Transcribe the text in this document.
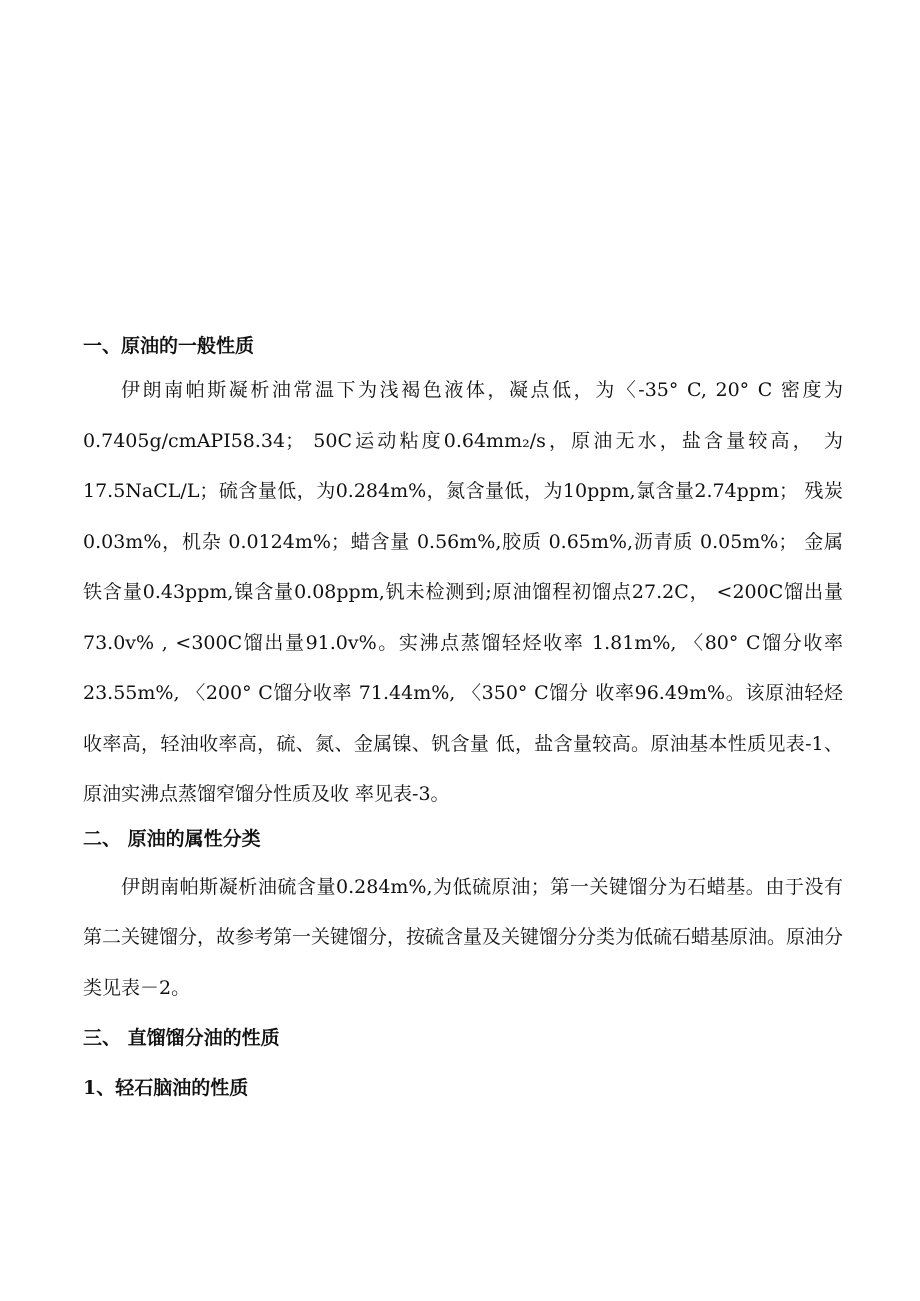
一、原油的一般性质

伊朗南帕斯凝析油常温下为浅褐色液体，凝点低，为〈-35° C, 20° C 密度为 0.7405g/cmAPI58.34； 50C运动粘度0.64mm₂/s，原油无水，盐含量较高， 为17.5NaCL/L；硫含量低，为0.284m%，氮含量低，为10ppm,氯含量2.74ppm； 残炭 0.03m%，机杂 0.0124m%；蜡含量 0.56m%,胶质 0.65m%,沥青质 0.05m%； 金属铁含量0.43ppm,镍含量0.08ppm,钒未检测到;原油馏程初馏点27.2C， <200C馏出量73.0v% , <300C馏出量91.0v%。实沸点蒸馏轻烃收率 1.81m%, 〈80° C馏分收率 23.55m%, 〈200° C馏分收率 71.44m%, 〈350° C馏分 收率96.49m%。该原油轻烃收率高，轻油收率高，硫、氮、金属镍、钒含量 低，盐含量较高。原油基本性质见表-1、原油实沸点蒸馏窄馏分性质及收 率见表-3。

二、 原油的属性分类

伊朗南帕斯凝析油硫含量0.284m%,为低硫原油；第一关键馏分为石蜡基。由于没有第二关键馏分，故参考第一关键馏分，按硫含量及关键馏分分类为低硫石蜡基原油。原油分类见表－2。

三、 直馏馏分油的性质
1、轻石脑油的性质
